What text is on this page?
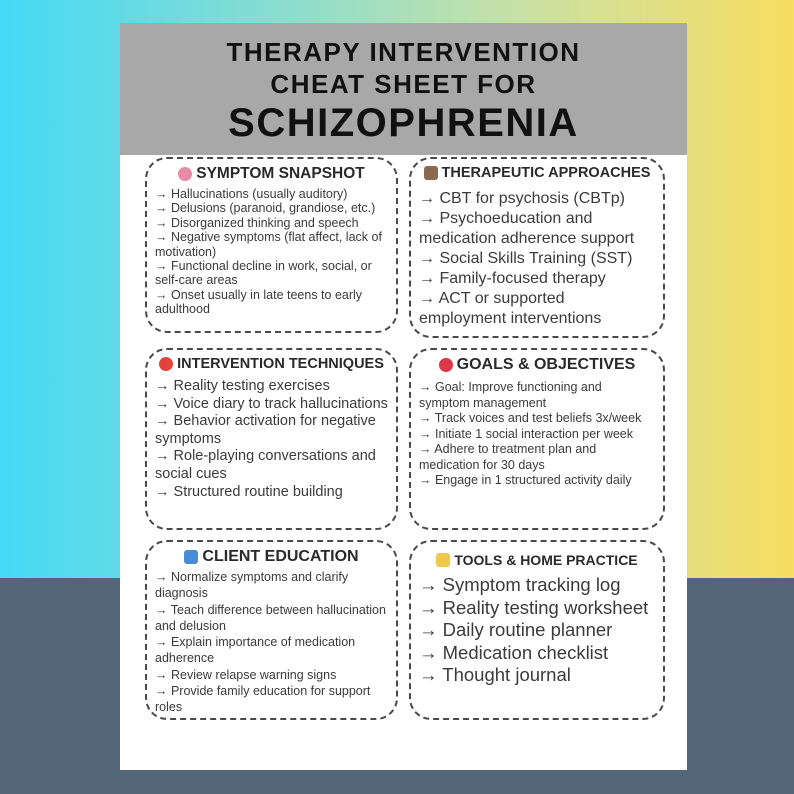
THERAPY INTERVENTION
CHEAT SHEET FOR
SCHIZOPHRENIA
SYMPTOM SNAPSHOT
→ Hallucinations (usually auditory)
→ Delusions (paranoid, grandiose, etc.)
→ Disorganized thinking and speech
→ Negative symptoms (flat affect, lack of motivation)
→ Functional decline in work, social, or self-care areas
→ Onset usually in late teens to early adulthood
THERAPEUTIC APPROACHES
→ CBT for psychosis (CBTp)
→ Psychoeducation and medication adherence support
→ Social Skills Training (SST)
→ Family-focused therapy
→ ACT or supported employment interventions
INTERVENTION TECHNIQUES
→ Reality testing exercises
→ Voice diary to track hallucinations
→ Behavior activation for negative symptoms
→ Role-playing conversations and social cues
→ Structured routine building
GOALS & OBJECTIVES
→ Goal: Improve functioning and symptom management
→ Track voices and test beliefs 3x/week
→ Initiate 1 social interaction per week
→ Adhere to treatment plan and medication for 30 days
→ Engage in 1 structured activity daily
CLIENT EDUCATION
→ Normalize symptoms and clarify diagnosis
→ Teach difference between hallucination and delusion
→ Explain importance of medication adherence
→ Review relapse warning signs
→ Provide family education for support roles
TOOLS & HOME PRACTICE
→ Symptom tracking log
→ Reality testing worksheet
→ Daily routine planner
→ Medication checklist
→ Thought journal
